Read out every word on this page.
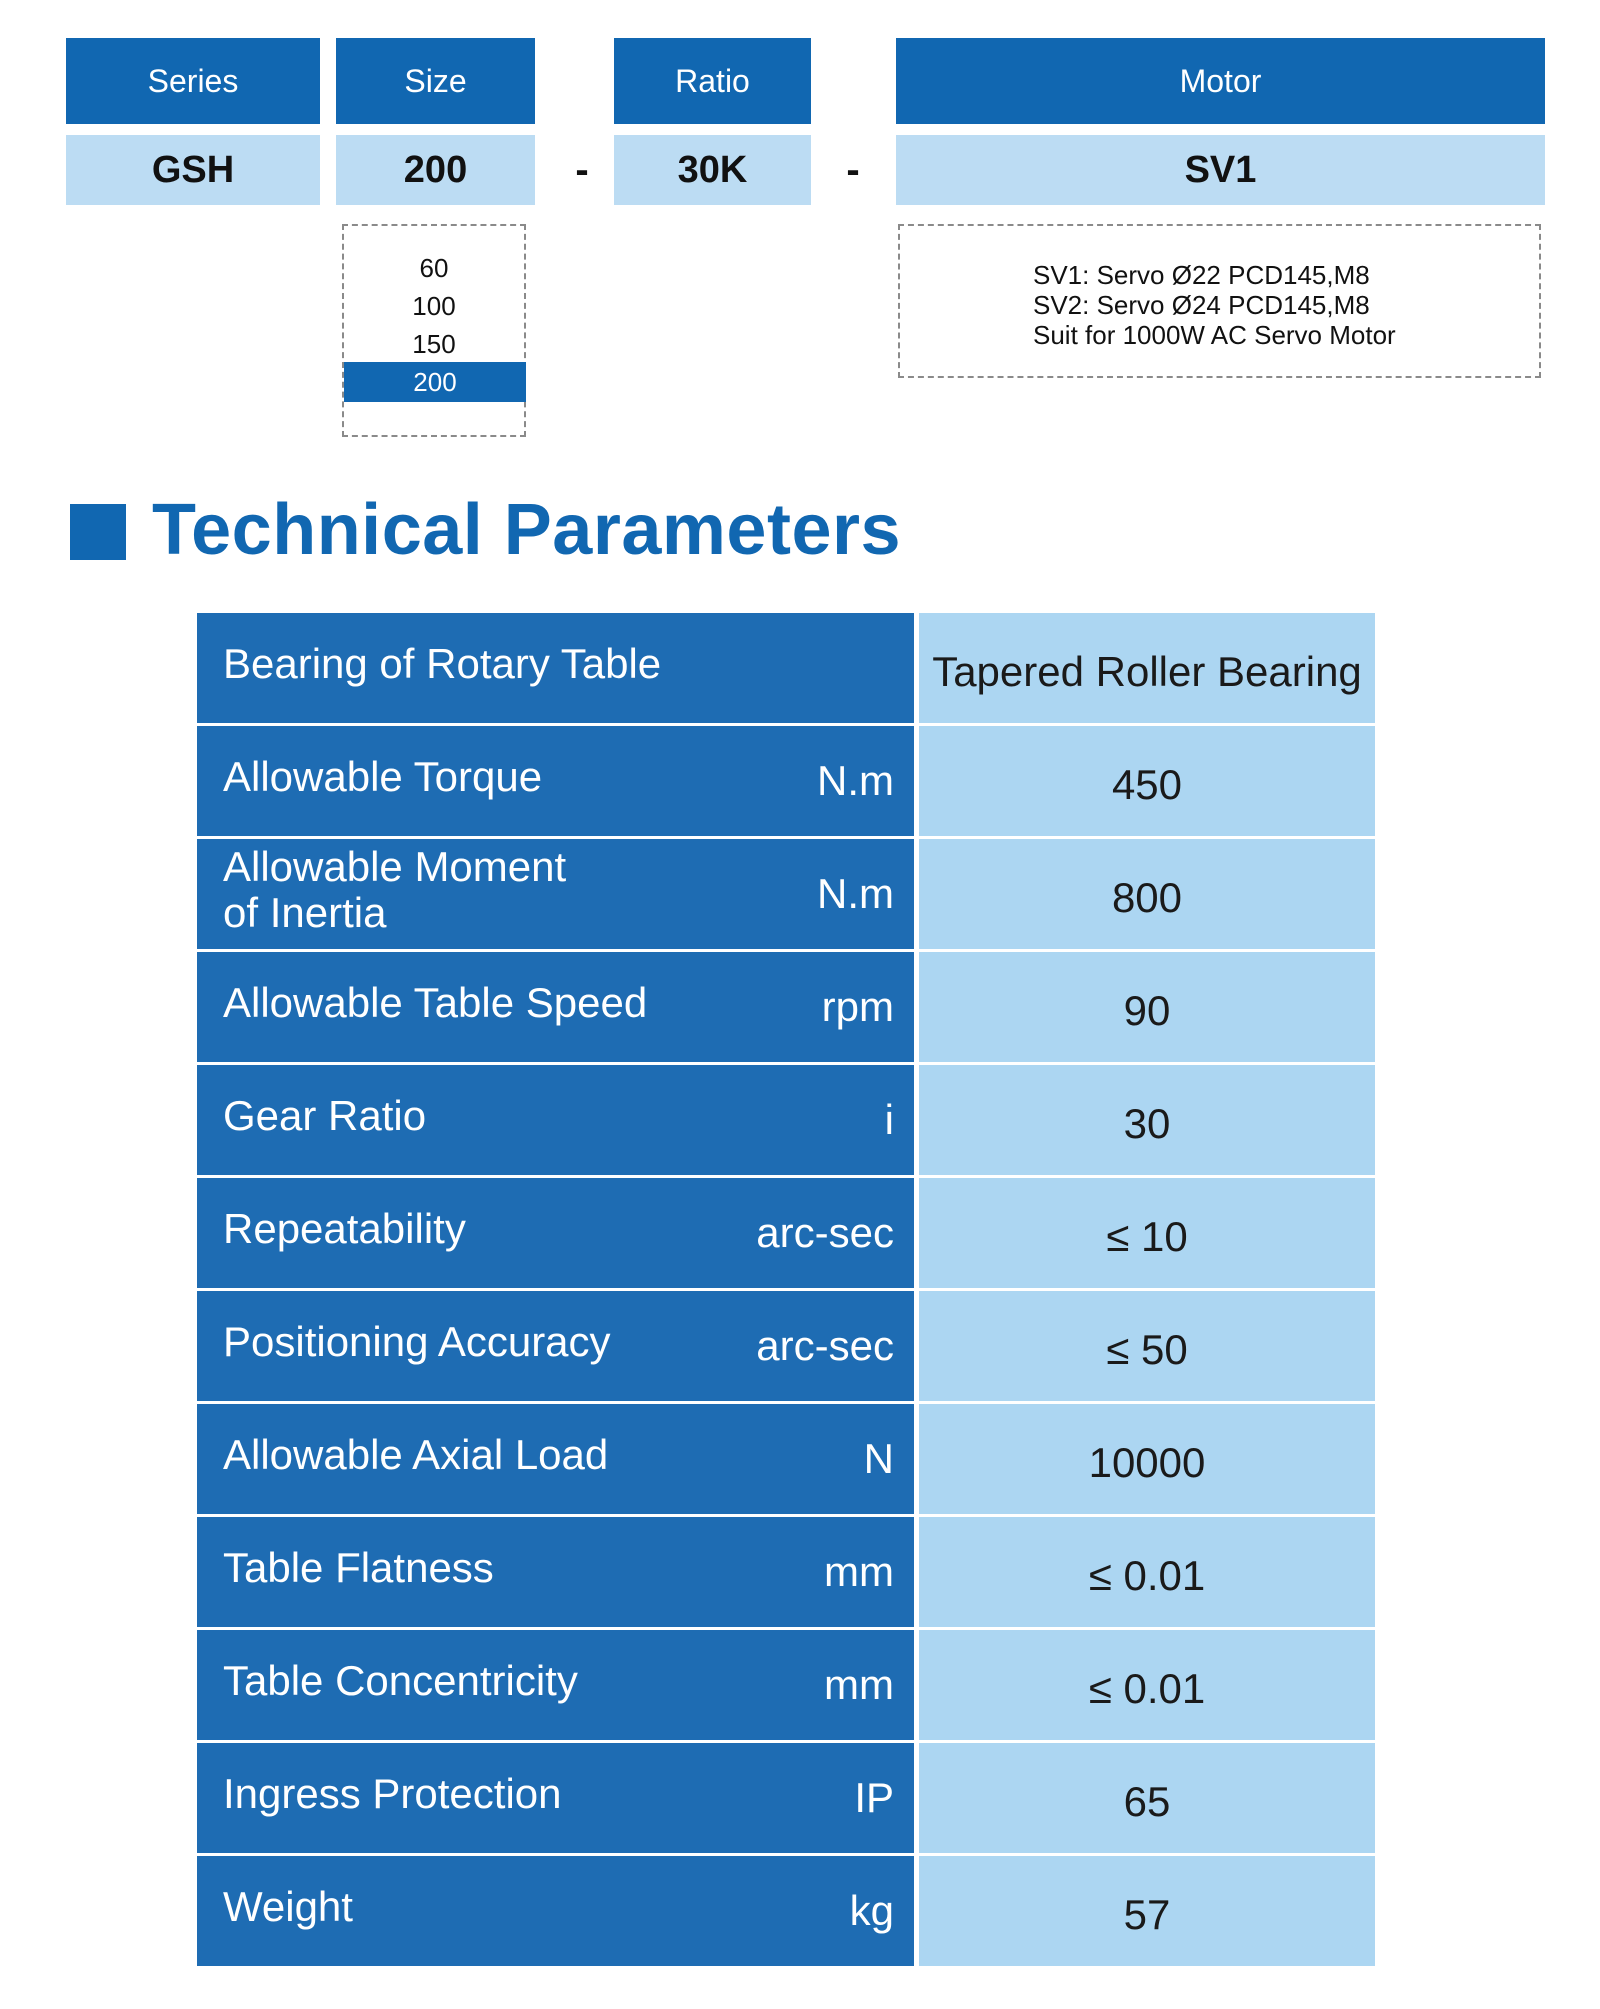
Series	Size	Ratio	Motor
GSH	200	-	30K	-	SV1
60
100
150
200
SV1: Servo Ø22 PCD145,M8
SV2: Servo Ø24 PCD145,M8
Suit for 1000W AC Servo Motor
Technical Parameters
Bearing of Rotary Table	Tapered Roller Bearing
Allowable Torque	N.m	450
Allowable Moment
of Inertia	N.m	800
Allowable Table Speed	rpm	90
Gear Ratio	i	30
Repeatability	arc-sec	≤ 10
Positioning Accuracy	arc-sec	≤ 50
Allowable Axial Load	N	10000
Table Flatness	mm	≤ 0.01
Table Concentricity	mm	≤ 0.01
Ingress Protection	IP	65
Weight	kg	57
